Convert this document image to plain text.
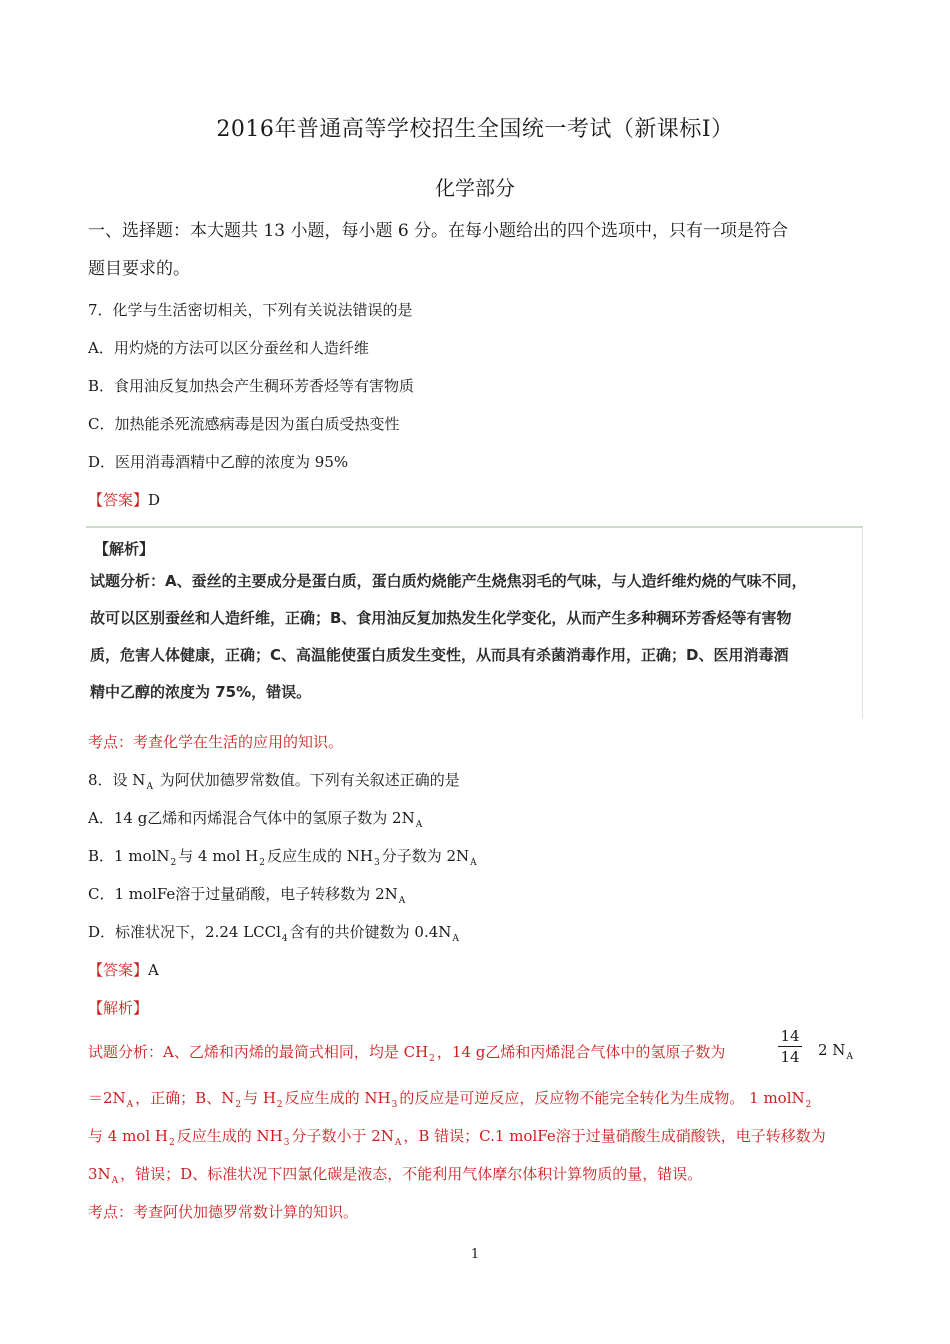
2016年普通高等学校招生全国统一考试（新课标Ⅰ）
化学部分
一、选择题：本大题共 13 小题，每小题 6 分。在每小题给出的四个选项中，只有一项是符合
题目要求的。
7．化学与生活密切相关，下列有关说法错误的是
A．用灼烧的方法可以区分蚕丝和人造纤维
B．食用油反复加热会产生稠环芳香烃等有害物质
C．加热能杀死流感病毒是因为蛋白质受热变性
D．医用消毒酒精中乙醇的浓度为 95%
【答案】D
【解析】
试题分析：A、蚕丝的主要成分是蛋白质，蛋白质灼烧能产生烧焦羽毛的气味，与人造纤维灼烧的气味不同，
故可以区别蚕丝和人造纤维，正确；B、食用油反复加热发生化学变化，从而产生多种稠环芳香烃等有害物
质，危害人体健康，正确；C、高温能使蛋白质发生变性，从而具有杀菌消毒作用，正确；D、医用消毒酒
精中乙醇的浓度为 75%，错误。
考点：考查化学在生活的应用的知识。
8．设 $N_A$ 为阿伏加德罗常数值。下列有关叙述正确的是
A．14 g乙烯和丙烯混合气体中的氢原子数为 $2N_A$
B．1 molN$_2$ 与 4 mol $H_2$ 反应生成的 $NH_3$ 分子数为 $2N_A$
C．1 molFe溶于过量硝酸，电子转移数为 $2N_A$
D．标准状况下，2.24 LCCl$_4$ 含有的共价键数为 $0.4N_A$
【答案】A
【解析】
试题分析：A、乙烯和丙烯的最简式相同，均是 $CH_2$ ，14 g乙烯和丙烯混合气体中的氢原子数为
14
14 2 $N_A$
$=2N_A$ ，正确；B、$N_2$ 与 $H_2$ 反应生成的 $NH_3$ 的反应是可逆反应，反应物不能完全转化为生成物。 1 molN$_2$
与 4 mol $H_2$ 反应生成的 $NH_3$ 分子数小于 $2N_A$ ，B 错误；C.1 molFe溶于过量硝酸生成硝酸铁，电子转移数为
$3N_A$ ，错误；D、标准状况下四氯化碳是液态，不能利用气体摩尔体积计算物质的量，错误。
考点：考查阿伏加德罗常数计算的知识。
1
